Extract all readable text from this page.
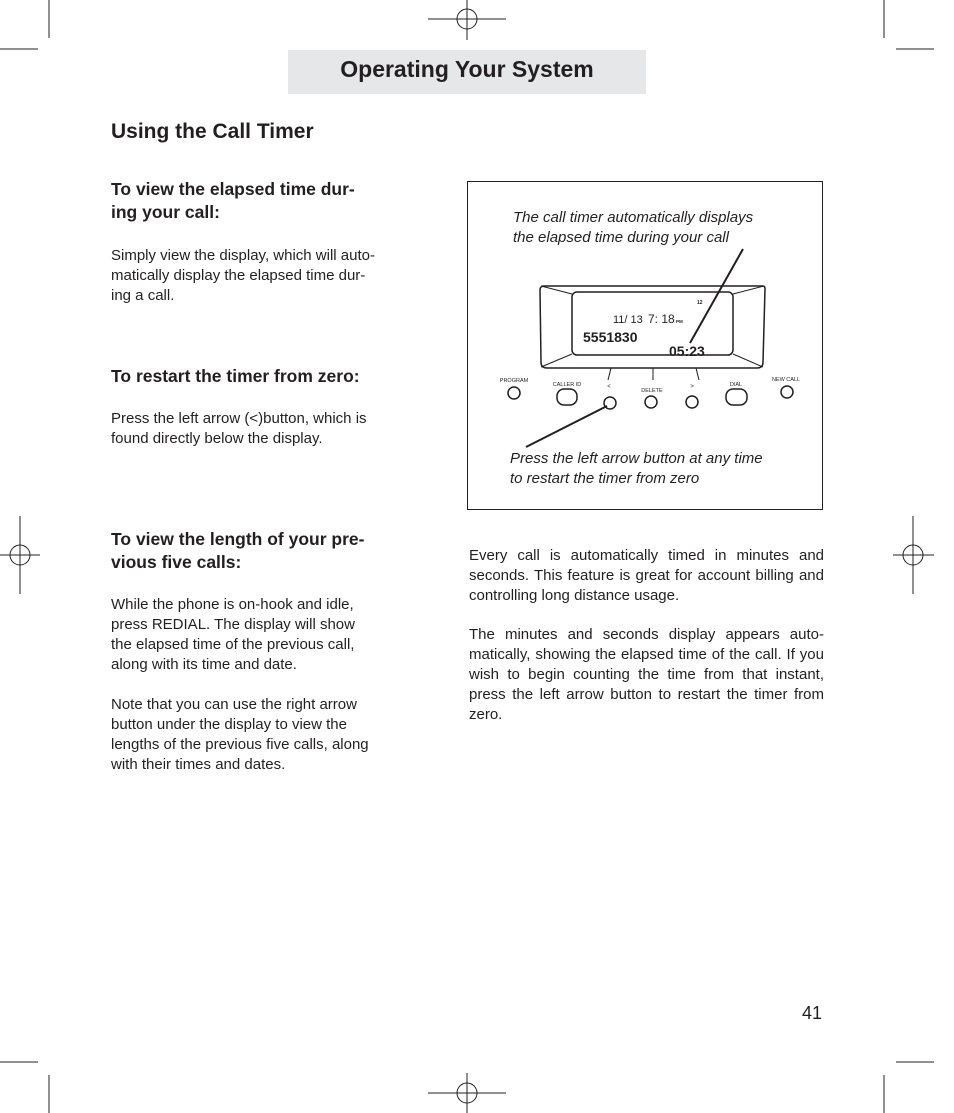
Operating Your System
Using the Call Timer
To view the elapsed time dur-
ing your call:

Simply view the display, which will auto-
matically display the elapsed time dur-
ing a call.

To restart the timer from zero:

Press the left arrow (<)button, which is
found directly below the display.

To view the length of your pre-
vious five calls:

While the phone is on-hook and idle,
press REDIAL. The display will show
the elapsed time of the previous call,
along with its time and date.

Note that you can use the right arrow
button under the display to view the
lengths of the previous five calls, along
with their times and dates.

The call timer automatically displays
the elapsed time during your call
Press the left arrow button at any time
to restart the timer from zero
11/ 13 7: 18 PM
12
5551830
05:23
PROGRAM
CALLER ID	<
DELETE
>	DIAL
NEW CALL

Every call is automatically timed in minutes and seconds. This feature is great for account billing and controlling long distance usage.

The minutes and seconds display appears auto-matically, showing the elapsed time of the call. If you wish to begin counting the time from that instant, press the left arrow button to restart the timer from zero.

41
